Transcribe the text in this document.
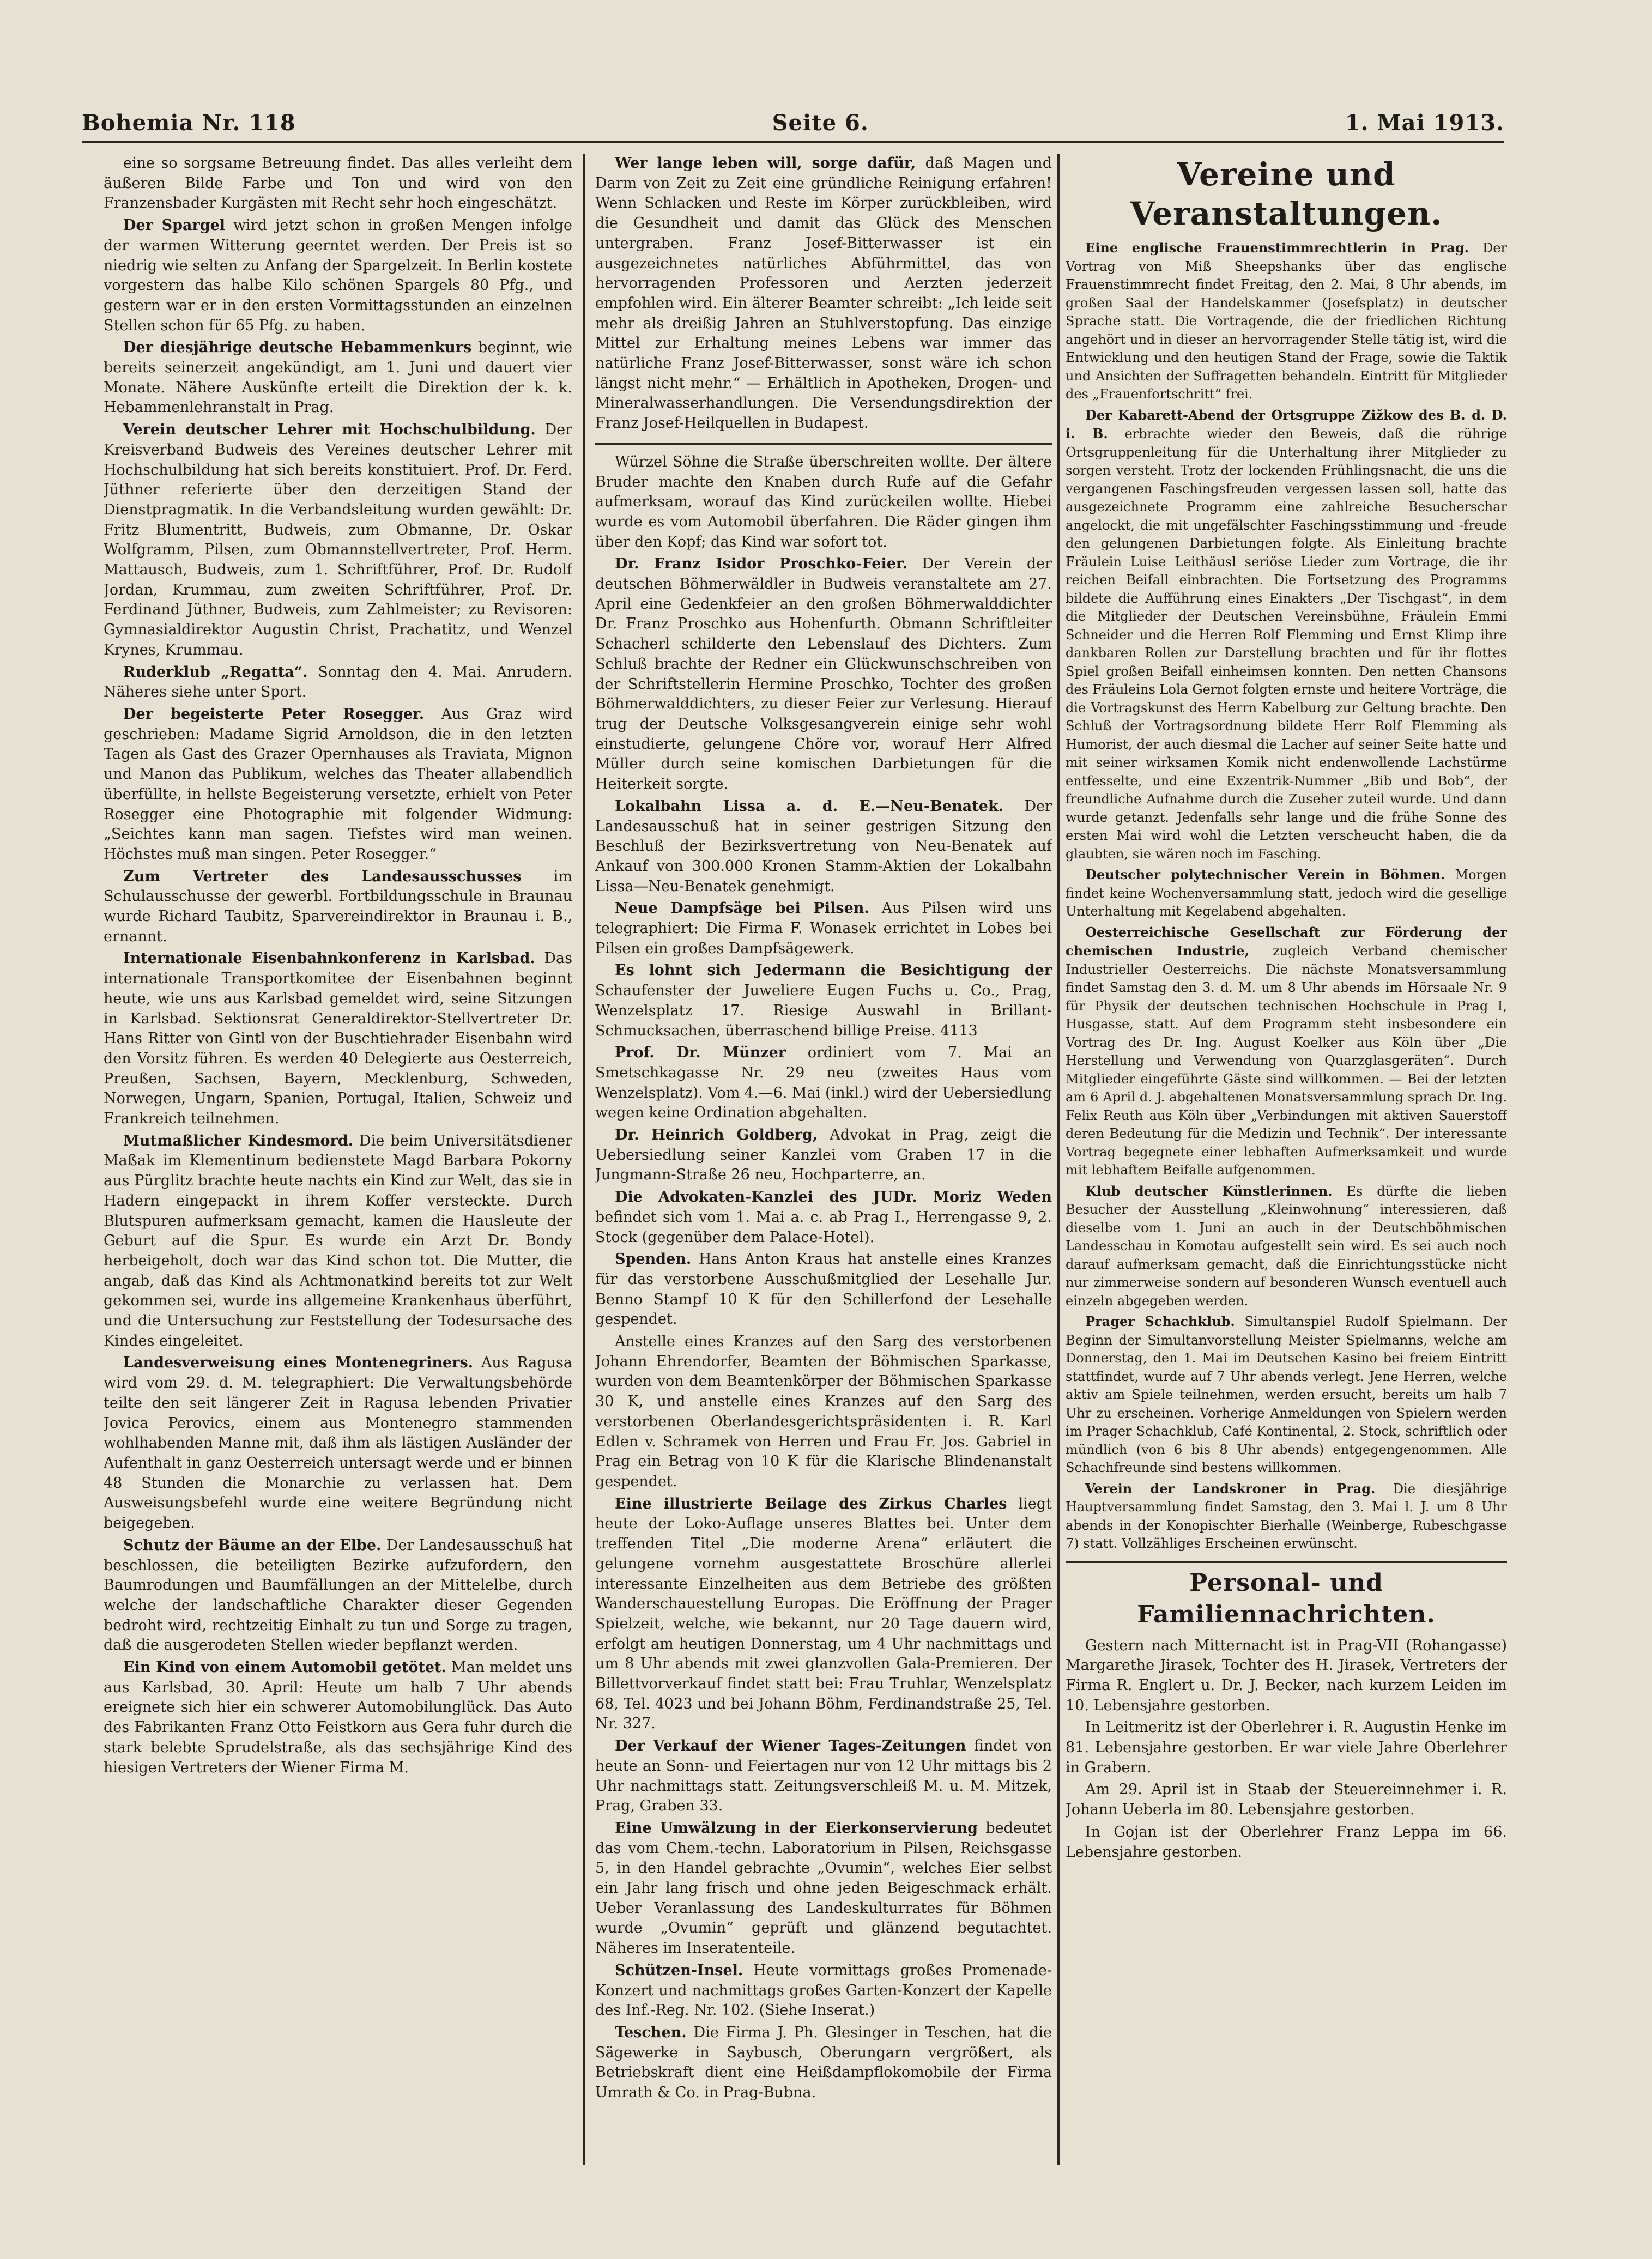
Bohemia Nr. 118	Seite 6.	1. Mai 1913.

eine so sorgsame Betreuung findet. Das alles verleiht dem äußeren Bilde Farbe und Ton und wird von den Franzensbader Kurgästen mit Recht sehr hoch eingeschätzt.

Der Spargel wird jetzt schon in großen Mengen infolge der warmen Witterung geerntet werden. Der Preis ist so niedrig wie selten zu Anfang der Spargelzeit. In Berlin kostete vorgestern das halbe Kilo schönen Spargels 80 Pfg., und gestern war er in den ersten Vormittagsstunden an einzelnen Stellen schon für 65 Pfg. zu haben.

Der diesjährige deutsche Hebammenkurs beginnt, wie bereits seinerzeit angekündigt, am 1. Juni und dauert vier Monate. Nähere Auskünfte erteilt die Direktion der k. k. Hebammenlehranstalt in Prag.

Verein deutscher Lehrer mit Hochschulbildung. Der Kreisverband Budweis des Vereines deutscher Lehrer mit Hochschulbildung hat sich bereits konstituiert. Prof. Dr. Ferd. Jüthner referierte über den derzeitigen Stand der Dienstpragmatik. In die Verbandsleitung wurden gewählt: Dr. Fritz Blumentritt, Budweis, zum Obmanne, Dr. Oskar Wolfgramm, Pilsen, zum Obmannstellvertreter, Prof. Herm. Mattausch, Budweis, zum 1. Schriftführer, Prof. Dr. Rudolf Jordan, Krummau, zum zweiten Schriftführer, Prof. Dr. Ferdinand Jüthner, Budweis, zum Zahlmeister; zu Revisoren: Gymnasialdirektor Augustin Christ, Prachatitz, und Wenzel Krynes, Krummau.

Ruderklub „Regatta“. Sonntag den 4. Mai. Anrudern. Näheres siehe unter Sport.

Der begeisterte Peter Rosegger. Aus Graz wird geschrieben: Madame Sigrid Arnoldson, die in den letzten Tagen als Gast des Grazer Opernhauses als Traviata, Mignon und Manon das Publikum, welches das Theater allabendlich überfüllte, in hellste Begeisterung versetzte, erhielt von Peter Rosegger eine Photographie mit folgender Widmung: „Seichtes kann man sagen. Tiefstes wird man weinen. Höchstes muß man singen. Peter Rosegger.“

Zum Vertreter des Landesausschusses im Schulausschusse der gewerbl. Fortbildungsschule in Braunau wurde Richard Taubitz, Sparvereindirektor in Braunau i. B., ernannt.

Internationale Eisenbahnkonferenz in Karlsbad. Das internationale Transportkomitee der Eisenbahnen beginnt heute, wie uns aus Karlsbad gemeldet wird, seine Sitzungen in Karlsbad. Sektionsrat Generaldirektor-Stellvertreter Dr. Hans Ritter von Gintl von der Buschtiehrader Eisenbahn wird den Vorsitz führen. Es werden 40 Delegierte aus Oesterreich, Preußen, Sachsen, Bayern, Mecklenburg, Schweden, Norwegen, Ungarn, Spanien, Portugal, Italien, Schweiz und Frankreich teilnehmen.

Mutmaßlicher Kindesmord. Die beim Universitätsdiener Maßak im Klementinum bedienstete Magd Barbara Pokorny aus Pürglitz brachte heute nachts ein Kind zur Welt, das sie in Hadern eingepackt in ihrem Koffer versteckte. Durch Blutspuren aufmerksam gemacht, kamen die Hausleute der Geburt auf die Spur. Es wurde ein Arzt Dr. Bondy herbeigeholt, doch war das Kind schon tot. Die Mutter, die angab, daß das Kind als Achtmonatkind bereits tot zur Welt gekommen sei, wurde ins allgemeine Krankenhaus überführt, und die Untersuchung zur Feststellung der Todesursache des Kindes eingeleitet.

Landesverweisung eines Montenegriners. Aus Ragusa wird vom 29. d. M. telegraphiert: Die Verwaltungsbehörde teilte den seit längerer Zeit in Ragusa lebenden Privatier Jovica Perovics, einem aus Montenegro stammenden wohlhabenden Manne mit, daß ihm als lästigen Ausländer der Aufenthalt in ganz Oesterreich untersagt werde und er binnen 48 Stunden die Monarchie zu verlassen hat. Dem Ausweisungsbefehl wurde eine weitere Begründung nicht beigegeben.

Schutz der Bäume an der Elbe. Der Landesausschuß hat beschlossen, die beteiligten Bezirke aufzufordern, den Baumrodungen und Baumfällungen an der Mittelelbe, durch welche der landschaftliche Charakter dieser Gegenden bedroht wird, rechtzeitig Einhalt zu tun und Sorge zu tragen, daß die ausgerodeten Stellen wieder bepflanzt werden.

Ein Kind von einem Automobil getötet. Man meldet uns aus Karlsbad, 30. April: Heute um halb 7 Uhr abends ereignete sich hier ein schwerer Automobilunglück. Das Auto des Fabrikanten Franz Otto Feistkorn aus Gera fuhr durch die stark belebte Sprudelstraße, als das sechsjährige Kind des hiesigen Vertreters der Wiener Firma M.

Wer lange leben will, sorge dafür, daß Magen und Darm von Zeit zu Zeit eine gründliche Reinigung erfahren! Wenn Schlacken und Reste im Körper zurückbleiben, wird die Gesundheit und damit das Glück des Menschen untergraben. Franz Josef-Bitterwasser ist ein ausgezeichnetes natürliches Abführmittel, das von hervorragenden Professoren und Aerzten jederzeit empfohlen wird. Ein älterer Beamter schreibt: „Ich leide seit mehr als dreißig Jahren an Stuhlverstopfung. Das einzige Mittel zur Erhaltung meines Lebens war immer das natürliche Franz Josef-Bitterwasser, sonst wäre ich schon längst nicht mehr.“ — Erhältlich in Apotheken, Drogen- und Mineralwasserhandlungen. Die Versendungsdirektion der Franz Josef-Heilquellen in Budapest.

Würzel Söhne die Straße überschreiten wollte. Der ältere Bruder machte den Knaben durch Rufe auf die Gefahr aufmerksam, worauf das Kind zurückeilen wollte. Hiebei wurde es vom Automobil überfahren. Die Räder gingen ihm über den Kopf; das Kind war sofort tot.

Dr. Franz Isidor Proschko-Feier. Der Verein der deutschen Böhmerwäldler in Budweis veranstaltete am 27. April eine Gedenkfeier an den großen Böhmerwalddichter Dr. Franz Proschko aus Hohenfurth. Obmann Schriftleiter Schacherl schilderte den Lebenslauf des Dichters. Zum Schluß brachte der Redner ein Glückwunschschreiben von der Schriftstellerin Hermine Proschko, Tochter des großen Böhmerwalddichters, zu dieser Feier zur Verlesung. Hierauf trug der Deutsche Volksgesangverein einige sehr wohl einstudierte, gelungene Chöre vor, worauf Herr Alfred Müller durch seine komischen Darbietungen für die Heiterkeit sorgte.

Lokalbahn Lissa a. d. E.—Neu-Benatek. Der Landesausschuß hat in seiner gestrigen Sitzung den Beschluß der Bezirksvertretung von Neu-Benatek auf Ankauf von 300.000 Kronen Stamm-Aktien der Lokalbahn Lissa—Neu-Benatek genehmigt.

Neue Dampfsäge bei Pilsen. Aus Pilsen wird uns telegraphiert: Die Firma F. Wonasek errichtet in Lobes bei Pilsen ein großes Dampfsägewerk.

Es lohnt sich Jedermann die Besichtigung der Schaufenster der Juweliere Eugen Fuchs u. Co., Prag, Wenzelsplatz 17. Riesige Auswahl in Brillant-Schmucksachen, überraschend billige Preise. 4113

Prof. Dr. Münzer ordiniert vom 7. Mai an Smetschkagasse Nr. 29 neu (zweites Haus vom Wenzelsplatz). Vom 4.—6. Mai (inkl.) wird der Uebersiedlung wegen keine Ordination abgehalten.

Dr. Heinrich Goldberg, Advokat in Prag, zeigt die Uebersiedlung seiner Kanzlei vom Graben 17 in die Jungmann-Straße 26 neu, Hochparterre, an.

Die Advokaten-Kanzlei des JUDr. Moriz Weden befindet sich vom 1. Mai a. c. ab Prag I., Herrengasse 9, 2. Stock (gegenüber dem Palace-Hotel).

Spenden. Hans Anton Kraus hat anstelle eines Kranzes für das verstorbene Ausschußmitglied der Lesehalle Jur. Benno Stampf 10 K für den Schillerfond der Lesehalle gespendet.

Anstelle eines Kranzes auf den Sarg des verstorbenen Johann Ehrendorfer, Beamten der Böhmischen Sparkasse, wurden von dem Beamtenkörper der Böhmischen Sparkasse 30 K, und anstelle eines Kranzes auf den Sarg des verstorbenen Oberlandesgerichtspräsidenten i. R. Karl Edlen v. Schramek von Herren und Frau Fr. Jos. Gabriel in Prag ein Betrag von 10 K für die Klarische Blindenanstalt gespendet.

Eine illustrierte Beilage des Zirkus Charles liegt heute der Loko-Auflage unseres Blattes bei. Unter dem treffenden Titel „Die moderne Arena“ erläutert die gelungene vornehm ausgestattete Broschüre allerlei interessante Einzelheiten aus dem Betriebe des größten Wanderschauestellung Europas. Die Eröffnung der Prager Spielzeit, welche, wie bekannt, nur 20 Tage dauern wird, erfolgt am heutigen Donnerstag, um 4 Uhr nachmittags und um 8 Uhr abends mit zwei glanzvollen Gala-Premieren. Der Billettvorverkauf findet statt bei: Frau Truhlar, Wenzelsplatz 68, Tel. 4023 und bei Johann Böhm, Ferdinandstraße 25, Tel. Nr. 327.

Der Verkauf der Wiener Tages-Zeitungen findet von heute an Sonn- und Feiertagen nur von 12 Uhr mittags bis 2 Uhr nachmittags statt. Zeitungsverschleiß M. u. M. Mitzek, Prag, Graben 33.

Eine Umwälzung in der Eierkonservierung bedeutet das vom Chem.-techn. Laboratorium in Pilsen, Reichsgasse 5, in den Handel gebrachte „Ovumin“, welches Eier selbst ein Jahr lang frisch und ohne jeden Beigeschmack erhält. Ueber Veranlassung des Landeskulturrates für Böhmen wurde „Ovumin“ geprüft und glänzend begutachtet. Näheres im Inseratenteile.

Schützen-Insel. Heute vormittags großes Promenade-Konzert und nachmittags großes Garten-Konzert der Kapelle des Inf.-Reg. Nr. 102. (Siehe Inserat.)

Teschen. Die Firma J. Ph. Glesinger in Teschen, hat die Sägewerke in Saybusch, Oberungarn vergrößert, als Betriebskraft dient eine Heißdampflokomobile der Firma Umrath & Co. in Prag-Bubna.

Vereine und Veranstaltungen.

Eine englische Frauenstimmrechtlerin in Prag. Der Vortrag von Miß Sheepshanks über das englische Frauenstimmrecht findet Freitag, den 2. Mai, 8 Uhr abends, im großen Saal der Handelskammer (Josefsplatz) in deutscher Sprache statt. Die Vortragende, die der friedlichen Richtung angehört und in dieser an hervorragender Stelle tätig ist, wird die Entwicklung und den heutigen Stand der Frage, sowie die Taktik und Ansichten der Suffragetten behandeln. Eintritt für Mitglieder des „Frauenfortschritt“ frei.

Der Kabarett-Abend der Ortsgruppe Zižkow des B. d. D. i. B. erbrachte wieder den Beweis, daß die rührige Ortsgruppenleitung für die Unterhaltung ihrer Mitglieder zu sorgen versteht. Trotz der lockenden Frühlingsnacht, die uns die vergangenen Faschingsfreuden vergessen lassen soll, hatte das ausgezeichnete Programm eine zahlreiche Besucherschar angelockt, die mit ungefälschter Faschingsstimmung und -freude den gelungenen Darbietungen folgte. Als Einleitung brachte Fräulein Luise Leithäusl seriöse Lieder zum Vortrage, die ihr reichen Beifall einbrachten. Die Fortsetzung des Programms bildete die Aufführung eines Einakters „Der Tischgast“, in dem die Mitglieder der Deutschen Vereinsbühne, Fräulein Emmi Schneider und die Herren Rolf Flemming und Ernst Klimp ihre dankbaren Rollen zur Darstellung brachten und für ihr flottes Spiel großen Beifall einheimsen konnten. Den netten Chansons des Fräuleins Lola Gernot folgten ernste und heitere Vorträge, die die Vortragskunst des Herrn Kabelburg zur Geltung brachte. Den Schluß der Vortragsordnung bildete Herr Rolf Flemming als Humorist, der auch diesmal die Lacher auf seiner Seite hatte und mit seiner wirksamen Komik nicht endenwollende Lachstürme entfesselte, und eine Exzentrik-Nummer „Bib und Bob“, der freundliche Aufnahme durch die Zuseher zuteil wurde. Und dann wurde getanzt. Jedenfalls sehr lange und die frühe Sonne des ersten Mai wird wohl die Letzten verscheucht haben, die da glaubten, sie wären noch im Fasching.

Deutscher polytechnischer Verein in Böhmen. Morgen findet keine Wochenversammlung statt, jedoch wird die gesellige Unterhaltung mit Kegelabend abgehalten.

Oesterreichische Gesellschaft zur Förderung der chemischen Industrie, zugleich Verband chemischer Industrieller Oesterreichs. Die nächste Monatsversammlung findet Samstag den 3. d. M. um 8 Uhr abends im Hörsaale Nr. 9 für Physik der deutschen technischen Hochschule in Prag I, Husgasse, statt. Auf dem Programm steht insbesondere ein Vortrag des Dr. Ing. August Koelker aus Köln über „Die Herstellung und Verwendung von Quarzglasgeräten“. Durch Mitglieder eingeführte Gäste sind willkommen. — Bei der letzten am 6 April d. J. abgehaltenen Monatsversammlung sprach Dr. Ing. Felix Reuth aus Köln über „Verbindungen mit aktiven Sauerstoff deren Bedeutung für die Medizin und Technik“. Der interessante Vortrag begegnete einer lebhaften Aufmerksamkeit und wurde mit lebhaftem Beifalle aufgenommen.

Klub deutscher Künstlerinnen. Es dürfte die lieben Besucher der Ausstellung „Kleinwohnung“ interessieren, daß dieselbe vom 1. Juni an auch in der Deutschböhmischen Landesschau in Komotau aufgestellt sein wird. Es sei auch noch darauf aufmerksam gemacht, daß die Einrichtungsstücke nicht nur zimmerweise sondern auf besonderen Wunsch eventuell auch einzeln abgegeben werden.

Prager Schachklub. Simultanspiel Rudolf Spielmann. Der Beginn der Simultanvorstellung Meister Spielmanns, welche am Donnerstag, den 1. Mai im Deutschen Kasino bei freiem Eintritt stattfindet, wurde auf 7 Uhr abends verlegt. Jene Herren, welche aktiv am Spiele teilnehmen, werden ersucht, bereits um halb 7 Uhr zu erscheinen. Vorherige Anmeldungen von Spielern werden im Prager Schachklub, Café Kontinental, 2. Stock, schriftlich oder mündlich (von 6 bis 8 Uhr abends) entgegengenommen. Alle Schachfreunde sind bestens willkommen.

Verein der Landskroner in Prag. Die diesjährige Hauptversammlung findet Samstag, den 3. Mai l. J. um 8 Uhr abends in der Konopischter Bierhalle (Weinberge, Rubeschgasse 7) statt. Vollzähliges Erscheinen erwünscht.

Personal- und Familiennachrichten.

Gestern nach Mitternacht ist in Prag-VII (Rohangasse) Margarethe Jirasek, Tochter des H. Jirasek, Vertreters der Firma R. Englert u. Dr. J. Becker, nach kurzem Leiden im 10. Lebensjahre gestorben.

In Leitmeritz ist der Oberlehrer i. R. Augustin Henke im 81. Lebensjahre gestorben. Er war viele Jahre Oberlehrer in Grabern.

Am 29. April ist in Staab der Steuereinnehmer i. R. Johann Ueberla im 80. Lebensjahre gestorben.

In Gojan ist der Oberlehrer Franz Leppa im 66. Lebensjahre gestorben.
